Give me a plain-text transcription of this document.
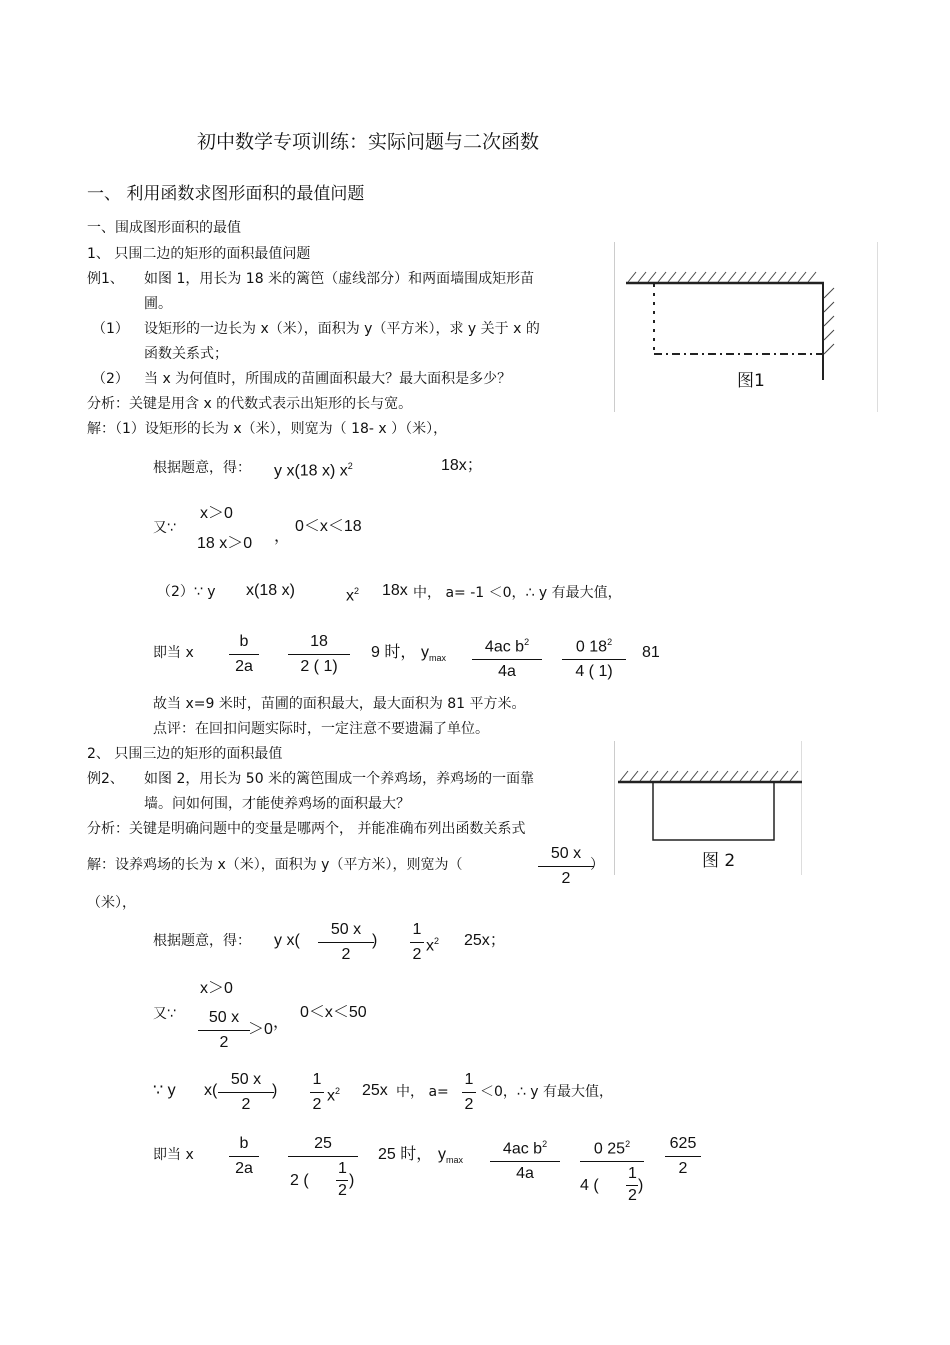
初中数学专项训练：实际问题与二次函数
一、 利用函数求图形面积的最值问题
一、围成图形面积的最值
1、 只围二边的矩形的面积最值问题
例1、 如图 1，用长为 18 米的篱笆（虚线部分）和两面墙围成矩形苗
圃。
（1） 设矩形的一边长为 x（米），面积为 y（平方米），求 y 关于 x 的
函数关系式；
（2） 当 x 为何值时，所围成的苗圃面积最大？最大面积是多少？
分析：关键是用含 x 的代数式表示出矩形的长与宽。
解：（1）设矩形的长为 x（米），则宽为（ 18- x ）（米），
根据题意，得： y x(18 x) $x^2$	18x；
又∵
x＞0
18 x＞0 ，
0＜x＜18
（2）∵ y x(18 x)	$x^2$ 18x 中， a= -1 ＜0，∴ y 有最大值，
即当 x
b
2a
18
2 ( 1)
9 时， $y_{max}$
4ac $b^2$
4a
0 $18^2$
4 ( 1)
81
故当 x=9 米时，苗圃的面积最大，最大面积为 81 平方米。
点评：在回扣问题实际时，一定注意不要遗漏了单位。
图1
2、 只围三边的矩形的面积最值
例2、 如图 2，用长为 50 米的篱笆围成一个养鸡场，养鸡场的一面靠
墙。问如何围，才能使养鸡场的面积最大？
分析：关键是明确问题中的变量是哪两个， 并能准确布列出函数关系式
解：设养鸡场的长为 x（米），面积为 y（平方米），则宽为（
50 x
2
）
（米），
根据题意，得： y x(
50 x
2
)
1
2
$x^2$ 25x；
又∵
x＞0
50 x
2
＞0 ，
0＜x＜50
∵ y x(
50 x
2
)
1
2
$x^2$ 25x 中， a=
1
2
＜0，∴ y 有最大值，
即当 x
b
2a
25
2 (
1
2
)
25 时， $y_{max}$
4ac $b^2$
4a
0 $25^2$
4 (
1
2
)
625
2
图 2
